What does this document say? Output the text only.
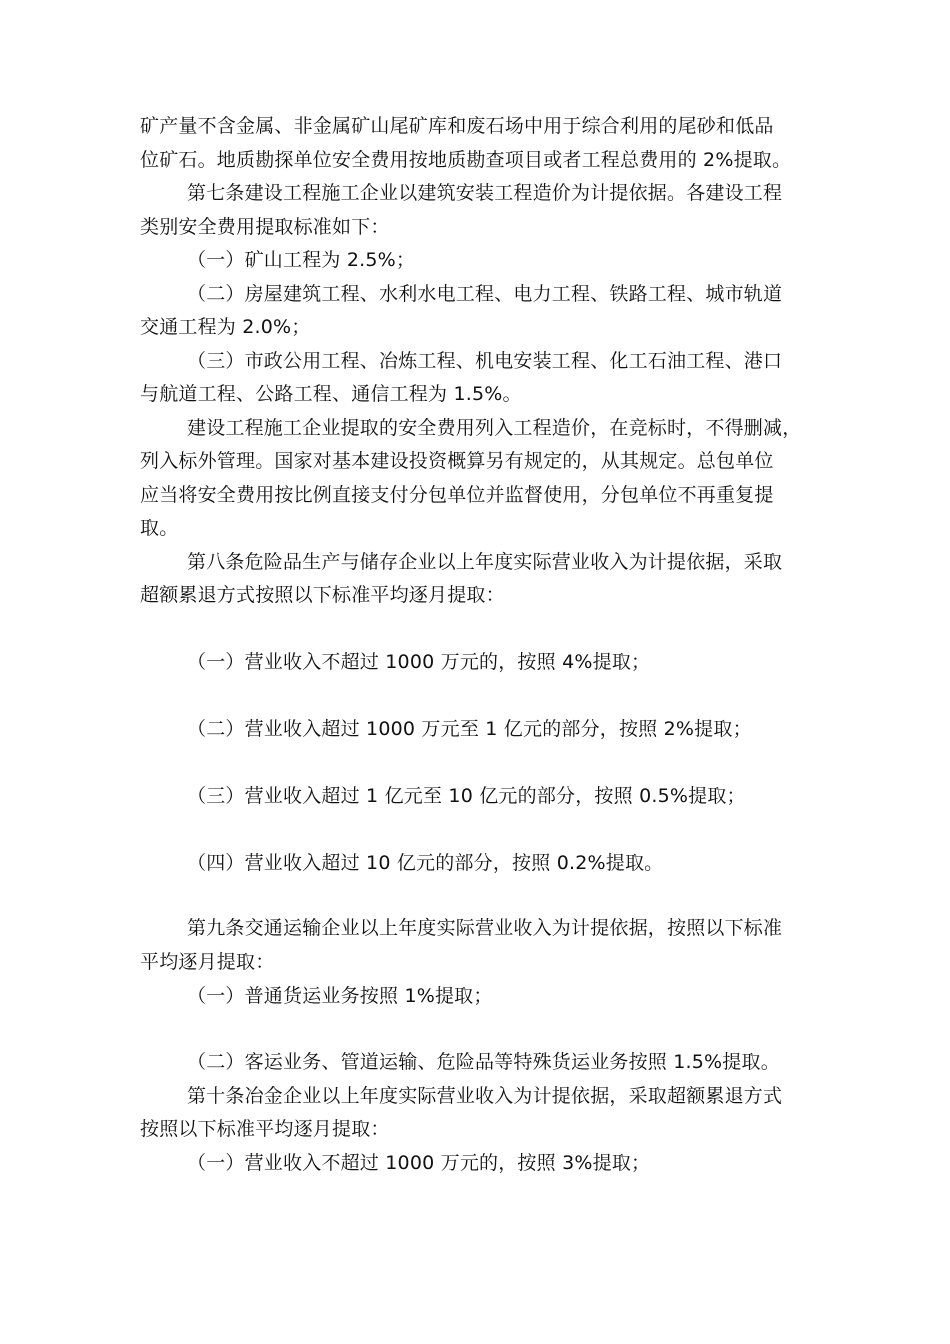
矿产量不含金属、非金属矿山尾矿库和废石场中用于综合利用的尾砂和低品
位矿石。地质勘探单位安全费用按地质勘查项目或者工程总费用的 2%提取。
第七条建设工程施工企业以建筑安装工程造价为计提依据。各建设工程
类别安全费用提取标准如下：
（一）矿山工程为 2.5%；
（二）房屋建筑工程、水利水电工程、电力工程、铁路工程、城市轨道
交通工程为 2.0%；
（三）市政公用工程、冶炼工程、机电安装工程、化工石油工程、港口
与航道工程、公路工程、通信工程为 1.5%。
建设工程施工企业提取的安全费用列入工程造价，在竞标时，不得删减，
列入标外管理。国家对基本建设投资概算另有规定的，从其规定。总包单位
应当将安全费用按比例直接支付分包单位并监督使用，分包单位不再重复提
取。
第八条危险品生产与储存企业以上年度实际营业收入为计提依据，采取
超额累退方式按照以下标准平均逐月提取：
（一）营业收入不超过 1000 万元的，按照 4%提取；
（二）营业收入超过 1000 万元至 1 亿元的部分，按照 2%提取；
（三）营业收入超过 1 亿元至 10 亿元的部分，按照 0.5%提取；
（四）营业收入超过 10 亿元的部分，按照 0.2%提取。
第九条交通运输企业以上年度实际营业收入为计提依据，按照以下标准
平均逐月提取：
（一）普通货运业务按照 1%提取；
（二）客运业务、管道运输、危险品等特殊货运业务按照 1.5%提取。
第十条冶金企业以上年度实际营业收入为计提依据，采取超额累退方式
按照以下标准平均逐月提取：
（一）营业收入不超过 1000 万元的，按照 3%提取；
